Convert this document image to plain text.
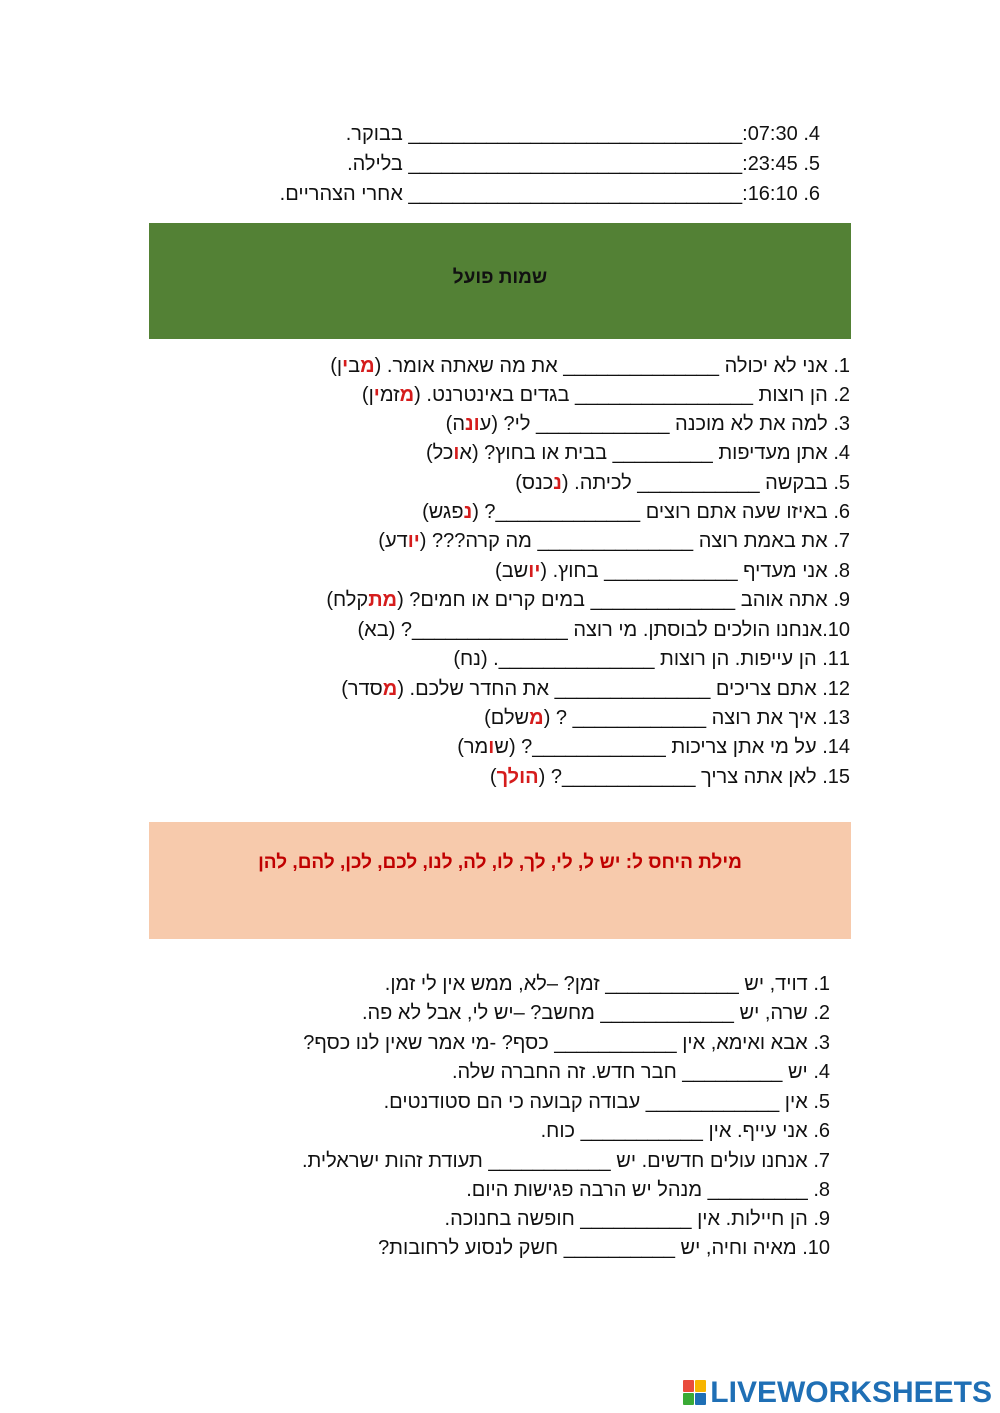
4. 07:30:______________________________ בבוקר.
5. 23:45:______________________________ בלילה.
6. 16:10:______________________________ אחרי הצהריים.
שמות פועל
1. אני לא יכולה ______________ את מה שאתה אומר. (מבין)
2. הן רוצות ________________ בגדים באינטרנט. (מזמין)
3. למה את לא מוכנה ____________ לי? (עונה)
4. אתן מעדיפות _________ בבית או בחוץ? (אוכל)
5. בבקשה ___________ לכיתה. (נכנס)
6. באיזו שעה אתם רוצים _____________? (נפגש)
7. את באמת רוצה ______________ מה קרה??? (יודע)
8. אני מעדיף ____________ בחוץ. (יושב)
9. אתה אוהב _____________ במים קרים או חמים? (מתקלח)
10.אנחנו הולכים לבוסתן. מי רוצה ______________? (בא)
11. הן עייפות. הן רוצות ______________. (נח)
12. אתם צריכים ______________ את החדר שלכם. (מסדר)
13. איך את רוצה ____________ ? (משלם)
14. על מי אתן צריכות ____________? (שומר)
15. לאן אתה צריך ____________? (הולך)
מילת היחס ל: יש ל, לי, לך, לו, לה, לנו, לכם, לכן, להם, להן
1. דויד, יש ____________ זמן? –לא, ממש אין לי זמן.
2. שרה, יש ____________ מחשב? –יש לי, אבל לא פה.
3. אבא ואימא, אין ___________ כסף? -מי אמר שאין לנו כסף?
4. יש _________ חבר חדש. זה החברה שלה.
5. אין ____________ עבודה קבועה כי הם סטודנטים.
6. אני עייף. אין ___________ כוח.
7. אנחנו עולים חדשים. יש ___________ תעודת זהות ישראלית.
8. _________ מנהל יש הרבה פגישות היום.
9. הן חיילות. אין __________ חופשה בחנוכה.
10. מאיה וחיה, יש __________ חשק לנסוע לרחובות?
LIVEWORKSHEETS
